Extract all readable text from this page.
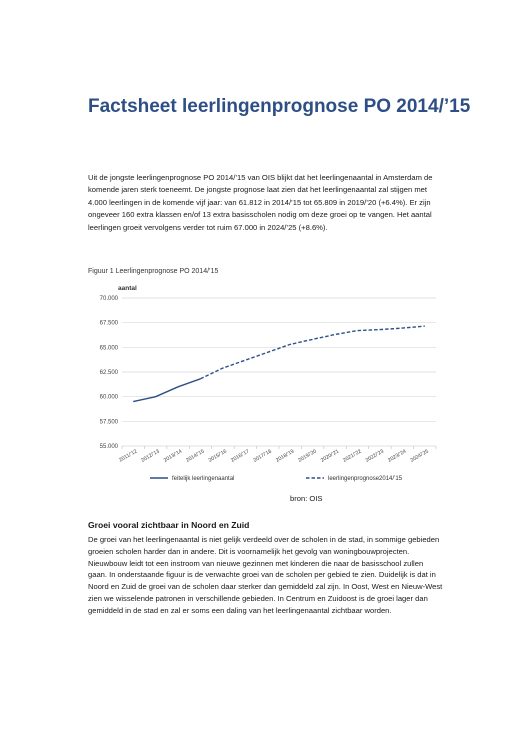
Factsheet leerlingenprognose PO 2014/’15

Uit de jongste leerlingenprognose PO 2014/’15 van OIS blijkt dat het leerlingenaantal in Amsterdam de komende jaren sterk toeneemt. De jongste prognose laat zien dat het leerlingenaantal zal stijgen met 4.000 leerlingen in de komende vijf jaar: van 61.812 in 2014/’15 tot 65.809 in 2019/’20 (+6.4%). Er zijn ongeveer 160 extra klassen en/of 13 extra basisscholen nodig om deze groei op te vangen. Het aantal leerlingen groeit vervolgens verder tot ruim 67.000 in 2024/’25 (+8.6%).

Figuur 1 Leerlingenprognose PO 2014/’15
aantal
55.000
57.500
60.000
62.500
65.000
67.500
70.000
2011/’12 2012/’13 2013/’14 2014/’15 2015/’16 2016/’17 2017/’18 2018/’19 2019/’20 2020/’21 2021/’22 2022/’23 2023/’24 2024/’25
feitelijk leerlingenaantal	leerlingenprognose2014/’15
bron: OIS
Groei vooral zichtbaar in Noord en Zuid

De groei van het leerlingenaantal is niet gelijk verdeeld over de scholen in de stad, in sommige gebieden groeien scholen harder dan in andere. Dit is voornamelijk het gevolg van woningbouwprojecten. Nieuwbouw leidt tot een instroom van nieuwe gezinnen met kinderen die naar de basisschool zullen gaan. In onderstaande figuur is de verwachte groei van de scholen per gebied te zien. Duidelijk is dat in Noord en Zuid de groei van de scholen daar sterker dan gemiddeld zal zijn. In Oost, West en Nieuw-West zien we wisselende patronen in verschillende gebieden. In Centrum en Zuidoost is de groei lager dan gemiddeld in de stad en zal er soms een daling van het leerlingenaantal zichtbaar worden.
